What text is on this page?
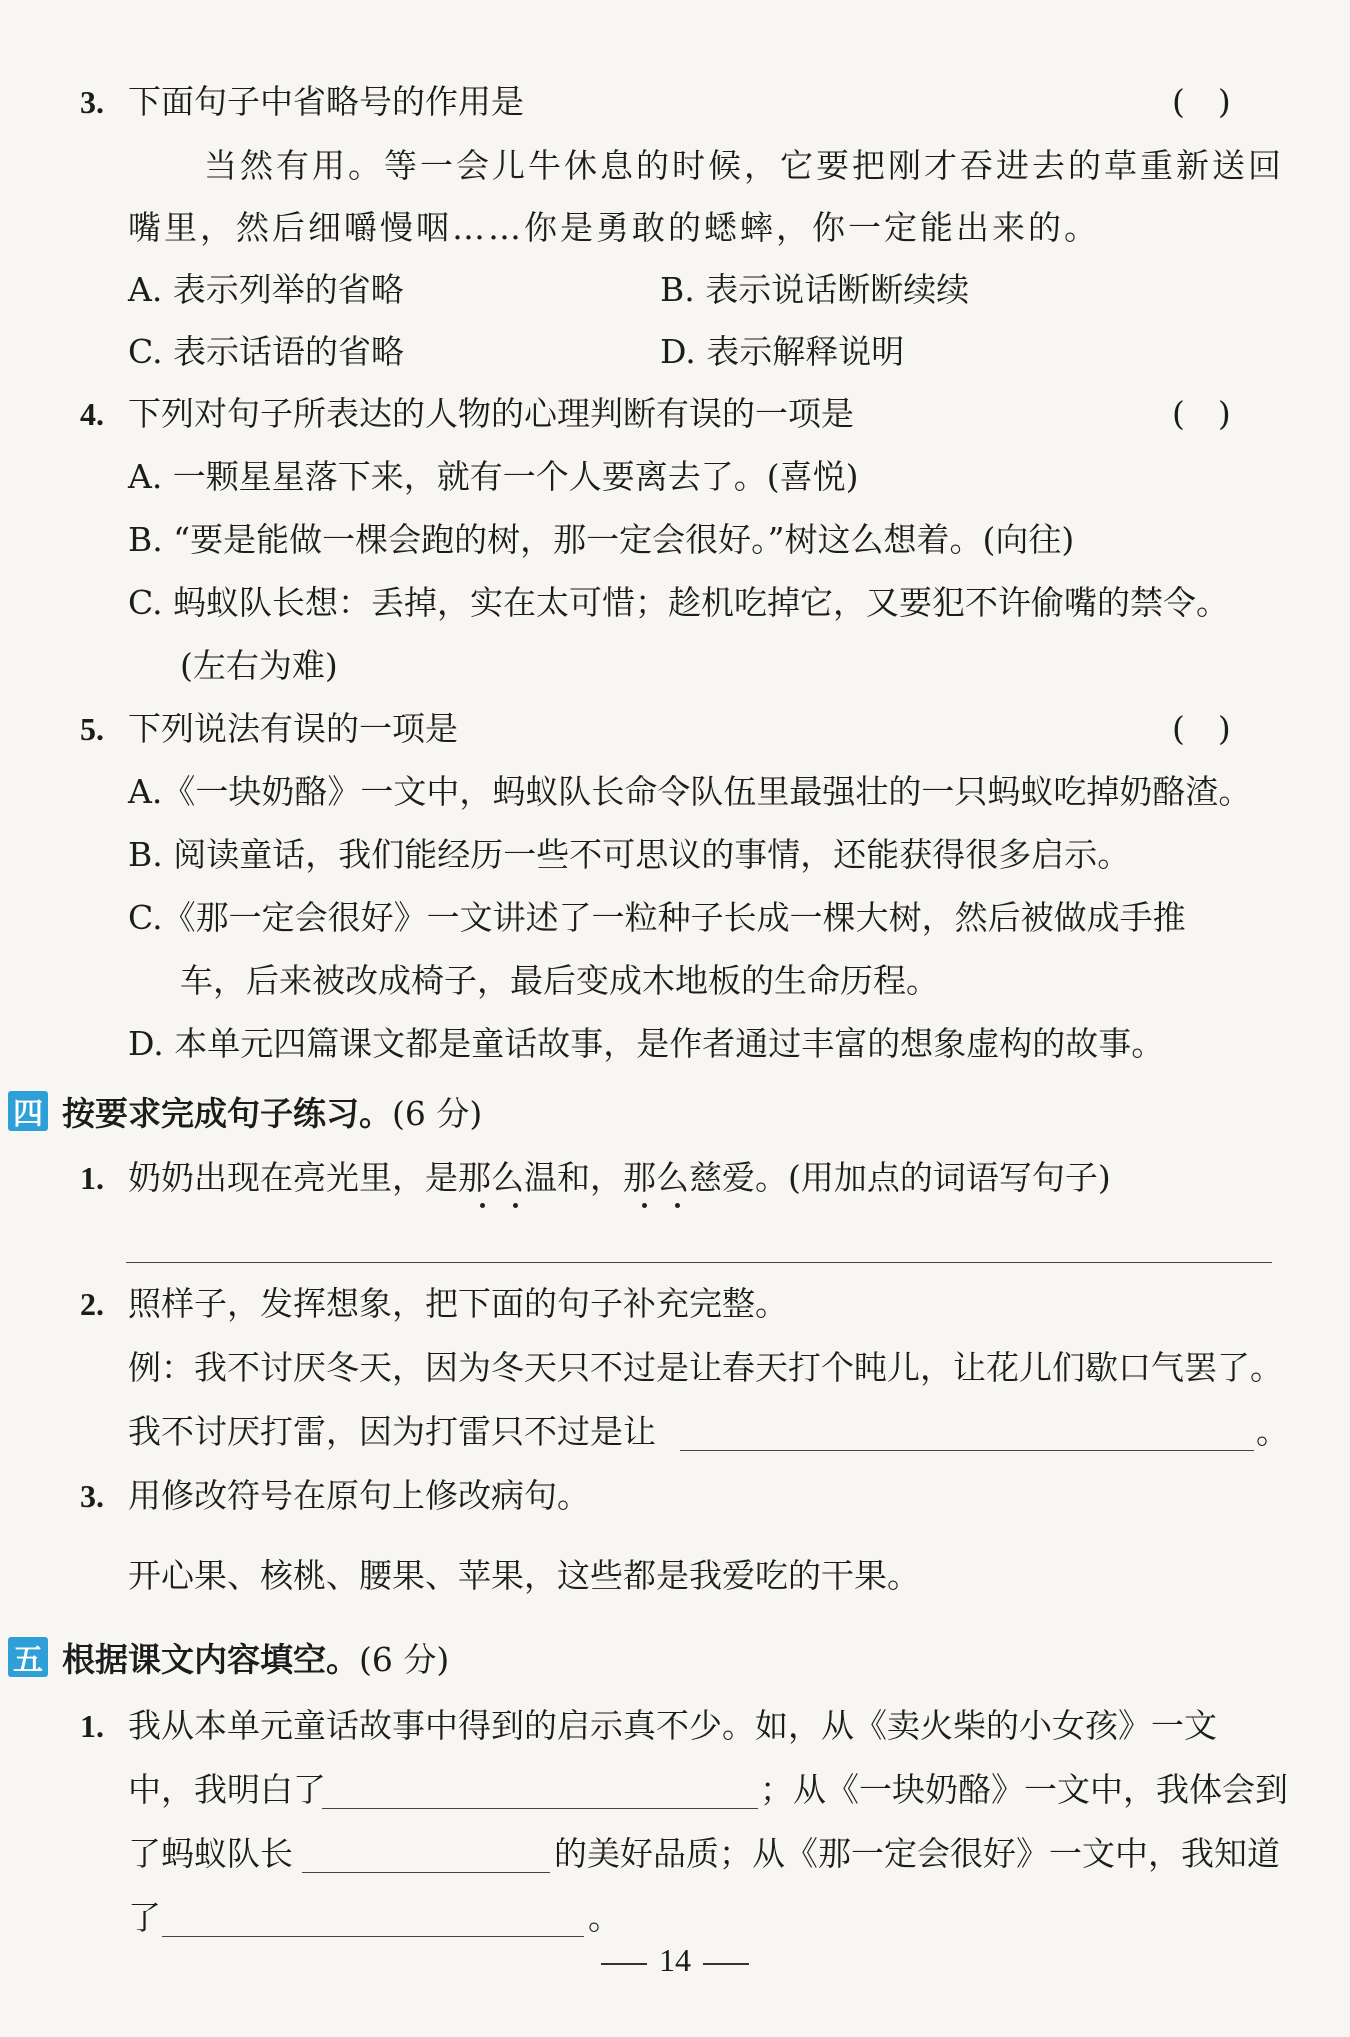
3. 下面句子中省略号的作用是	(　)
当然有用。等一会儿牛休息的时候，它要把刚才吞进去的草重新送回
嘴里，然后细嚼慢咽……你是勇敢的蟋蟀，你一定能出来的。
A. 表示列举的省略	B. 表示说话断断续续
C. 表示话语的省略	D. 表示解释说明
4. 下列对句子所表达的人物的心理判断有误的一项是	(　)
A. 一颗星星落下来，就有一个人要离去了。(喜悦)
B. “要是能做一棵会跑的树，那一定会很好。”树这么想着。(向往)
C. 蚂蚁队长想：丢掉，实在太可惜；趁机吃掉它，又要犯不许偷嘴的禁令。
(左右为难)
5. 下列说法有误的一项是	(　)
A.《一块奶酪》一文中，蚂蚁队长命令队伍里最强壮的一只蚂蚁吃掉奶酪渣。
B. 阅读童话，我们能经历一些不可思议的事情，还能获得很多启示。
C.《那一定会很好》一文讲述了一粒种子长成一棵大树，然后被做成手推
车，后来被改成椅子，最后变成木地板的生命历程。
D. 本单元四篇课文都是童话故事，是作者通过丰富的想象虚构的故事。
四 按要求完成句子练习。 (6 分)
1. 奶奶出现在亮光里，是那么温和，那么慈爱。(用加点的词语写句子)
2. 照样子，发挥想象，把下面的句子补充完整。
例：我不讨厌冬天，因为冬天只不过是让春天打个盹儿，让花儿们歇口气罢了。
我不讨厌打雷，因为打雷只不过是让	。
3. 用修改符号在原句上修改病句。
开心果、核桃、腰果、苹果，这些都是我爱吃的干果。
五 根据课文内容填空。 (6 分)
1. 我从本单元童话故事中得到的启示真不少。如，从《卖火柴的小女孩》一文
中，我明白了	；从《一块奶酪》一文中，我体会到
了蚂蚁队长	的美好品质；从《那一定会很好》一文中，我知道
了	。
14
